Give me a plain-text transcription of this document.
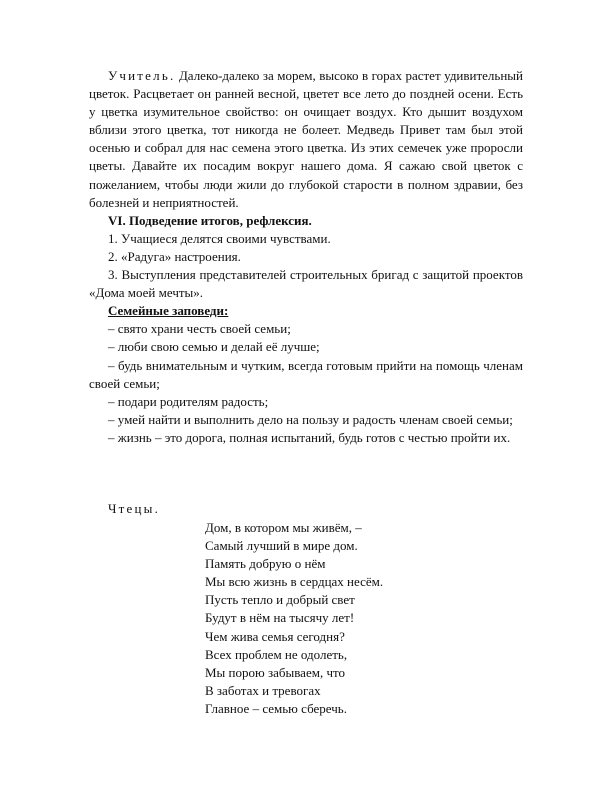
Учитель. Далеко-далеко за морем, высоко в горах растет удивительный цветок. Расцветает он ранней весной, цветет все лето до поздней осени. Есть у цветка изумительное свойство: он очищает воздух. Кто дышит воздухом вблизи этого цветка, тот никогда не болеет. Медведь Привет там был этой осенью и собрал для нас семена этого цветка. Из этих семечек уже проросли цветы. Давайте их посадим вокруг нашего дома. Я сажаю свой цветок с пожеланием, чтобы люди жили до глубокой старости в полном здравии, без болезней и неприятностей.

VI. Подведение итогов, рефлексия.

1. Учащиеся делятся своими чувствами.

2. «Радуга» настроения.

3. Выступления представителей строительных бригад с защитой проектов «Дома моей мечты».

Семейные заповеди:

– свято храни честь своей семьи;

– люби свою семью и делай её лучше;

– будь внимательным и чутким, всегда готовым прийти на помощь членам своей семьи;

– подари родителям радость;

– умей найти и выполнить дело на пользу и радость членам своей семьи;

– жизнь – это дорога, полная испытаний, будь готов с честью пройти их.

Чтецы.
Дом, в котором мы живём, –
Самый лучший в мире дом.
Память добрую о нём
Мы всю жизнь в сердцах несём.
Пусть тепло и добрый свет
Будут в нём на тысячу лет!
Чем жива семья сегодня?
Всех проблем не одолеть,
Мы порою забываем, что
В заботах и тревогах
Главное – семью сберечь.
